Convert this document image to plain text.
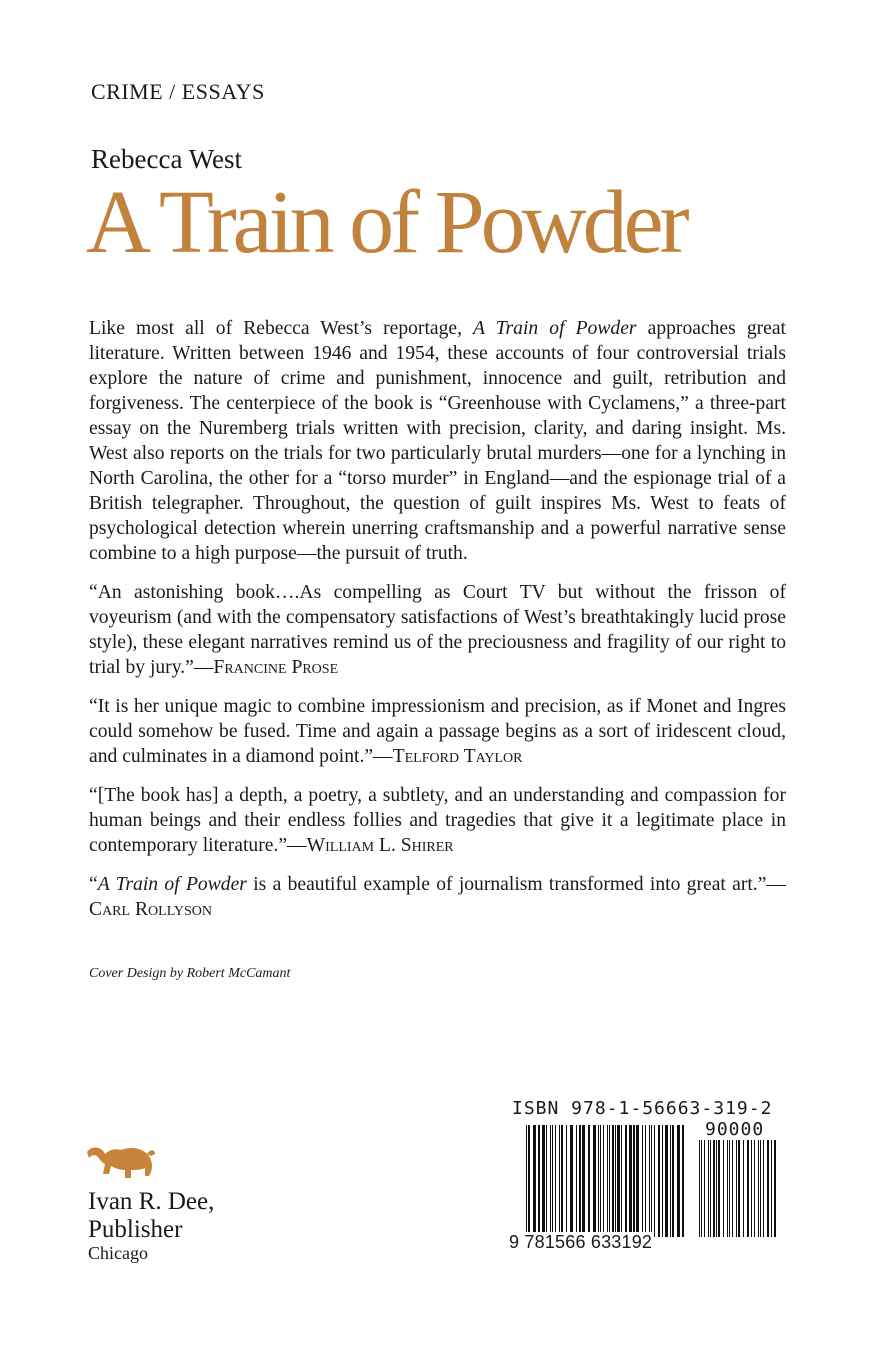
CRIME / ESSAYS
Rebecca West
A Train of Powder

Like most all of Rebecca West’s reportage, A Train of Powder approaches great literature. Written between 1946 and 1954, these accounts of four controversial trials explore the nature of crime and punishment, innocence and guilt, retribution and forgiveness. The centerpiece of the book is “Greenhouse with Cyclamens,” a three-part essay on the Nuremberg trials written with precision, clarity, and daring insight. Ms. West also reports on the trials for two particularly brutal murders—one for a lynching in North Carolina, the other for a “torso murder” in England—and the espionage trial of a British telegrapher. Throughout, the question of guilt inspires Ms. West to feats of psychological detection wherein unerring craftsmanship and a powerful narrative sense combine to a high purpose—the pursuit of truth.

“An astonishing book….As compelling as Court TV but without the frisson of voyeurism (and with the compensatory satisfactions of West’s breathtakingly lucid prose style), these elegant narratives remind us of the preciousness and fragility of our right to trial by jury.”—Francine Prose

“It is her unique magic to combine impressionism and precision, as if Monet and Ingres could somehow be fused. Time and again a passage begins as a sort of iridescent cloud, and culminates in a diamond point.”—Telford Taylor

“[The book has] a depth, a poetry, a subtlety, and an understanding and compassion for human beings and their endless follies and tragedies that give it a legitimate place in contemporary literature.”—William L. Shirer

“A Train of Powder is a beautiful example of journalism transformed into great art.”—Carl Rollyson

Cover Design by Robert McCamant
Ivan R. Dee,
Publisher
Chicago
ISBN 978-1-56663-319-2
90000
9 781566 633192
